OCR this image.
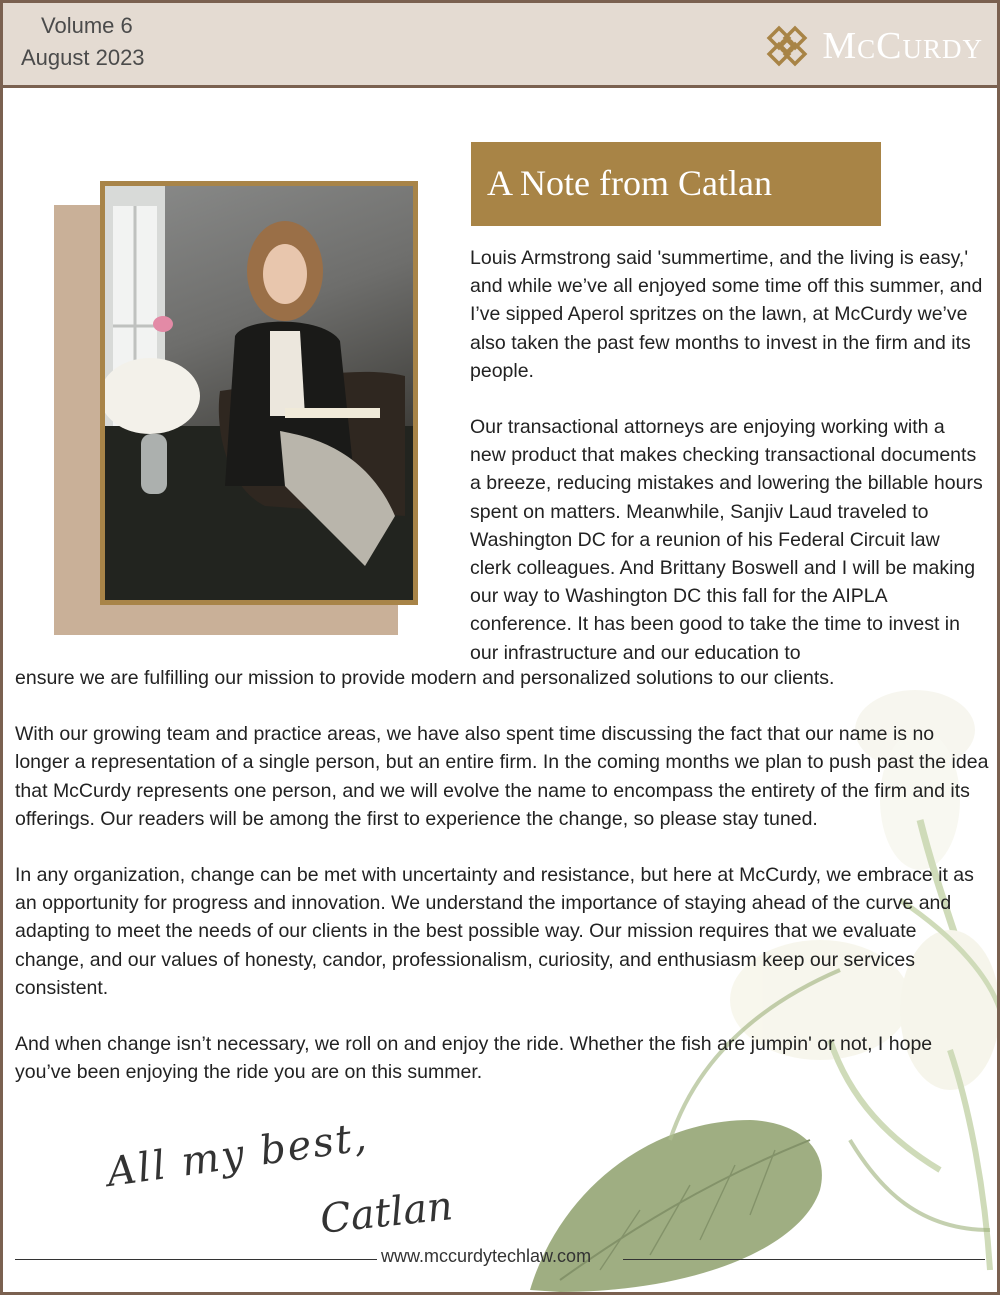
Volume 6
August 2023	McCurdy
A Note from Catlan

Louis Armstrong said 'summertime, and the living is easy,' and while we’ve all enjoyed some time off this summer, and I’ve sipped Aperol spritzes on the lawn, at McCurdy we’ve also taken the past few months to invest in the firm and its people.

Our transactional attorneys are enjoying working with a new product that makes checking transactional documents a breeze, reducing mistakes and lowering the billable hours spent on matters. Meanwhile, Sanjiv Laud traveled to Washington DC for a reunion of his Federal Circuit law clerk colleagues. And Brittany Boswell and I will be making our way to Washington DC this fall for the AIPLA conference. It has been good to take the time to invest in our infrastructure and our education to

ensure we are fulfilling our mission to provide modern and personalized solutions to our clients.

With our growing team and practice areas, we have also spent time discussing the fact that our name is no longer a representation of a single person, but an entire firm. In the coming months we plan to push past the idea that McCurdy represents one person, and we will evolve the name to encompass the entirety of the firm and its offerings. Our readers will be among the first to experience the change, so please stay tuned.

In any organization, change can be met with uncertainty and resistance, but here at McCurdy, we embrace it as an opportunity for progress and innovation. We understand the importance of staying ahead of the curve and adapting to meet the needs of our clients in the best possible way. Our mission requires that we evaluate change, and our values of honesty, candor, professionalism, curiosity, and enthusiasm keep our services consistent.

And when change isn’t necessary, we roll on and enjoy the ride. Whether the fish are jumpin' or not, I hope you’ve been enjoying the ride you are on this summer.

All my best,
Catlan
www.mccurdytechlaw.com
